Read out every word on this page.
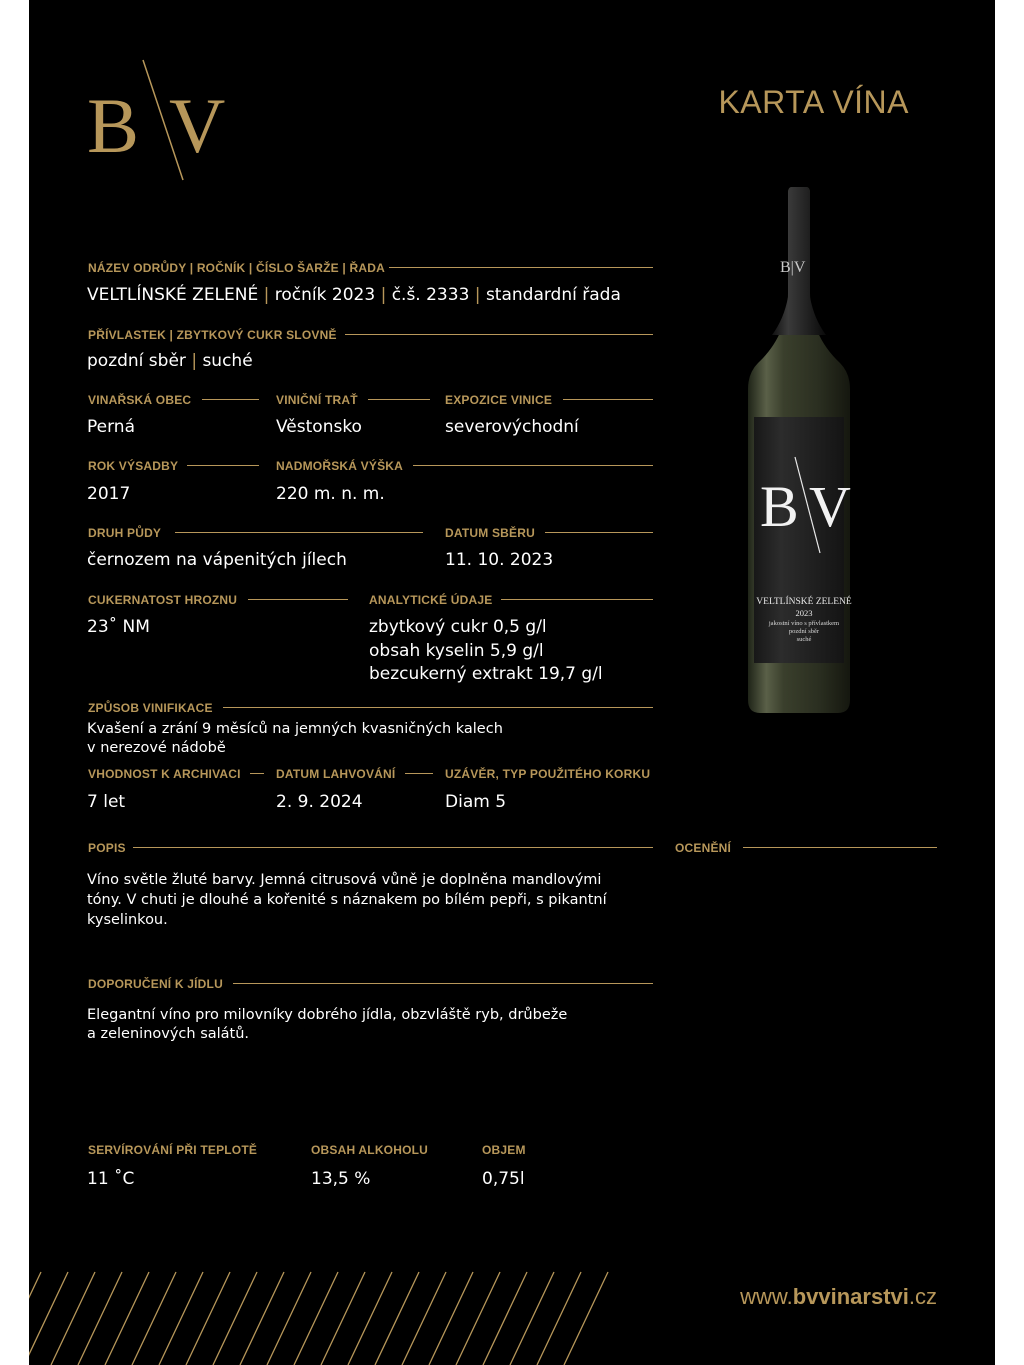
B V	KARTA VÍNA
NÁZEV ODRŮDY | ROČNÍK | ČÍSLO ŠARŽE | ŘADA
VELTLÍNSKÉ ZELENÉ | ročník 2023 | č.š. 2333 | standardní řada
PŘÍVLASTEK | ZBYTKOVÝ CUKR SLOVNĚ
pozdní sběr | suché
VINAŘSKÁ OBEC
Perná
VINIČNÍ TRAŤ
Věstonsko
EXPOZICE VINICE
severovýchodní
ROK VÝSADBY
2017
NADMOŘSKÁ VÝŠKA
220 m. n. m.
DRUH PŮDY
černozem na vápenitých jílech
DATUM SBĚRU
11. 10. 2023
CUKERNATOST HROZNU
23˚ NM
ANALYTICKÉ ÚDAJE
zbytkový cukr 0,5 g/l
obsah kyselin 5,9 g/l
bezcukerný extrakt 19,7 g/l
ZPŮSOB VINIFIKACE
Kvašení a zrání 9 měsíců na jemných kvasničných kalech
v nerezové nádobě
VHODNOST K ARCHIVACI
7 let
DATUM LAHVOVÁNÍ
2. 9. 2024
UZÁVĚR, TYP POUŽITÉHO KORKU
Diam 5
POPIS
Víno světle žluté barvy. Jemná citrusová vůně je doplněna mandlovými
tóny. V chuti je dlouhé a kořenité s náznakem po bílém pepři, s pikantní
kyselinkou.
OCENĚNÍ
DOPORUČENÍ K JÍDLU
Elegantní víno pro milovníky dobrého jídla, obzvláště ryb, drůbeže
a zeleninových salátů.
SERVÍROVÁNÍ PŘI TEPLOTĚ
11 ˚C
OBSAH ALKOHOLU
13,5 %
OBJEM
0,75l
B|V
B V
VELTLÍNSKÉ ZELENÉ
2023
jakostní víno s přívlastkem
pozdní sběr
suché
www.bvvinarstvi.cz
